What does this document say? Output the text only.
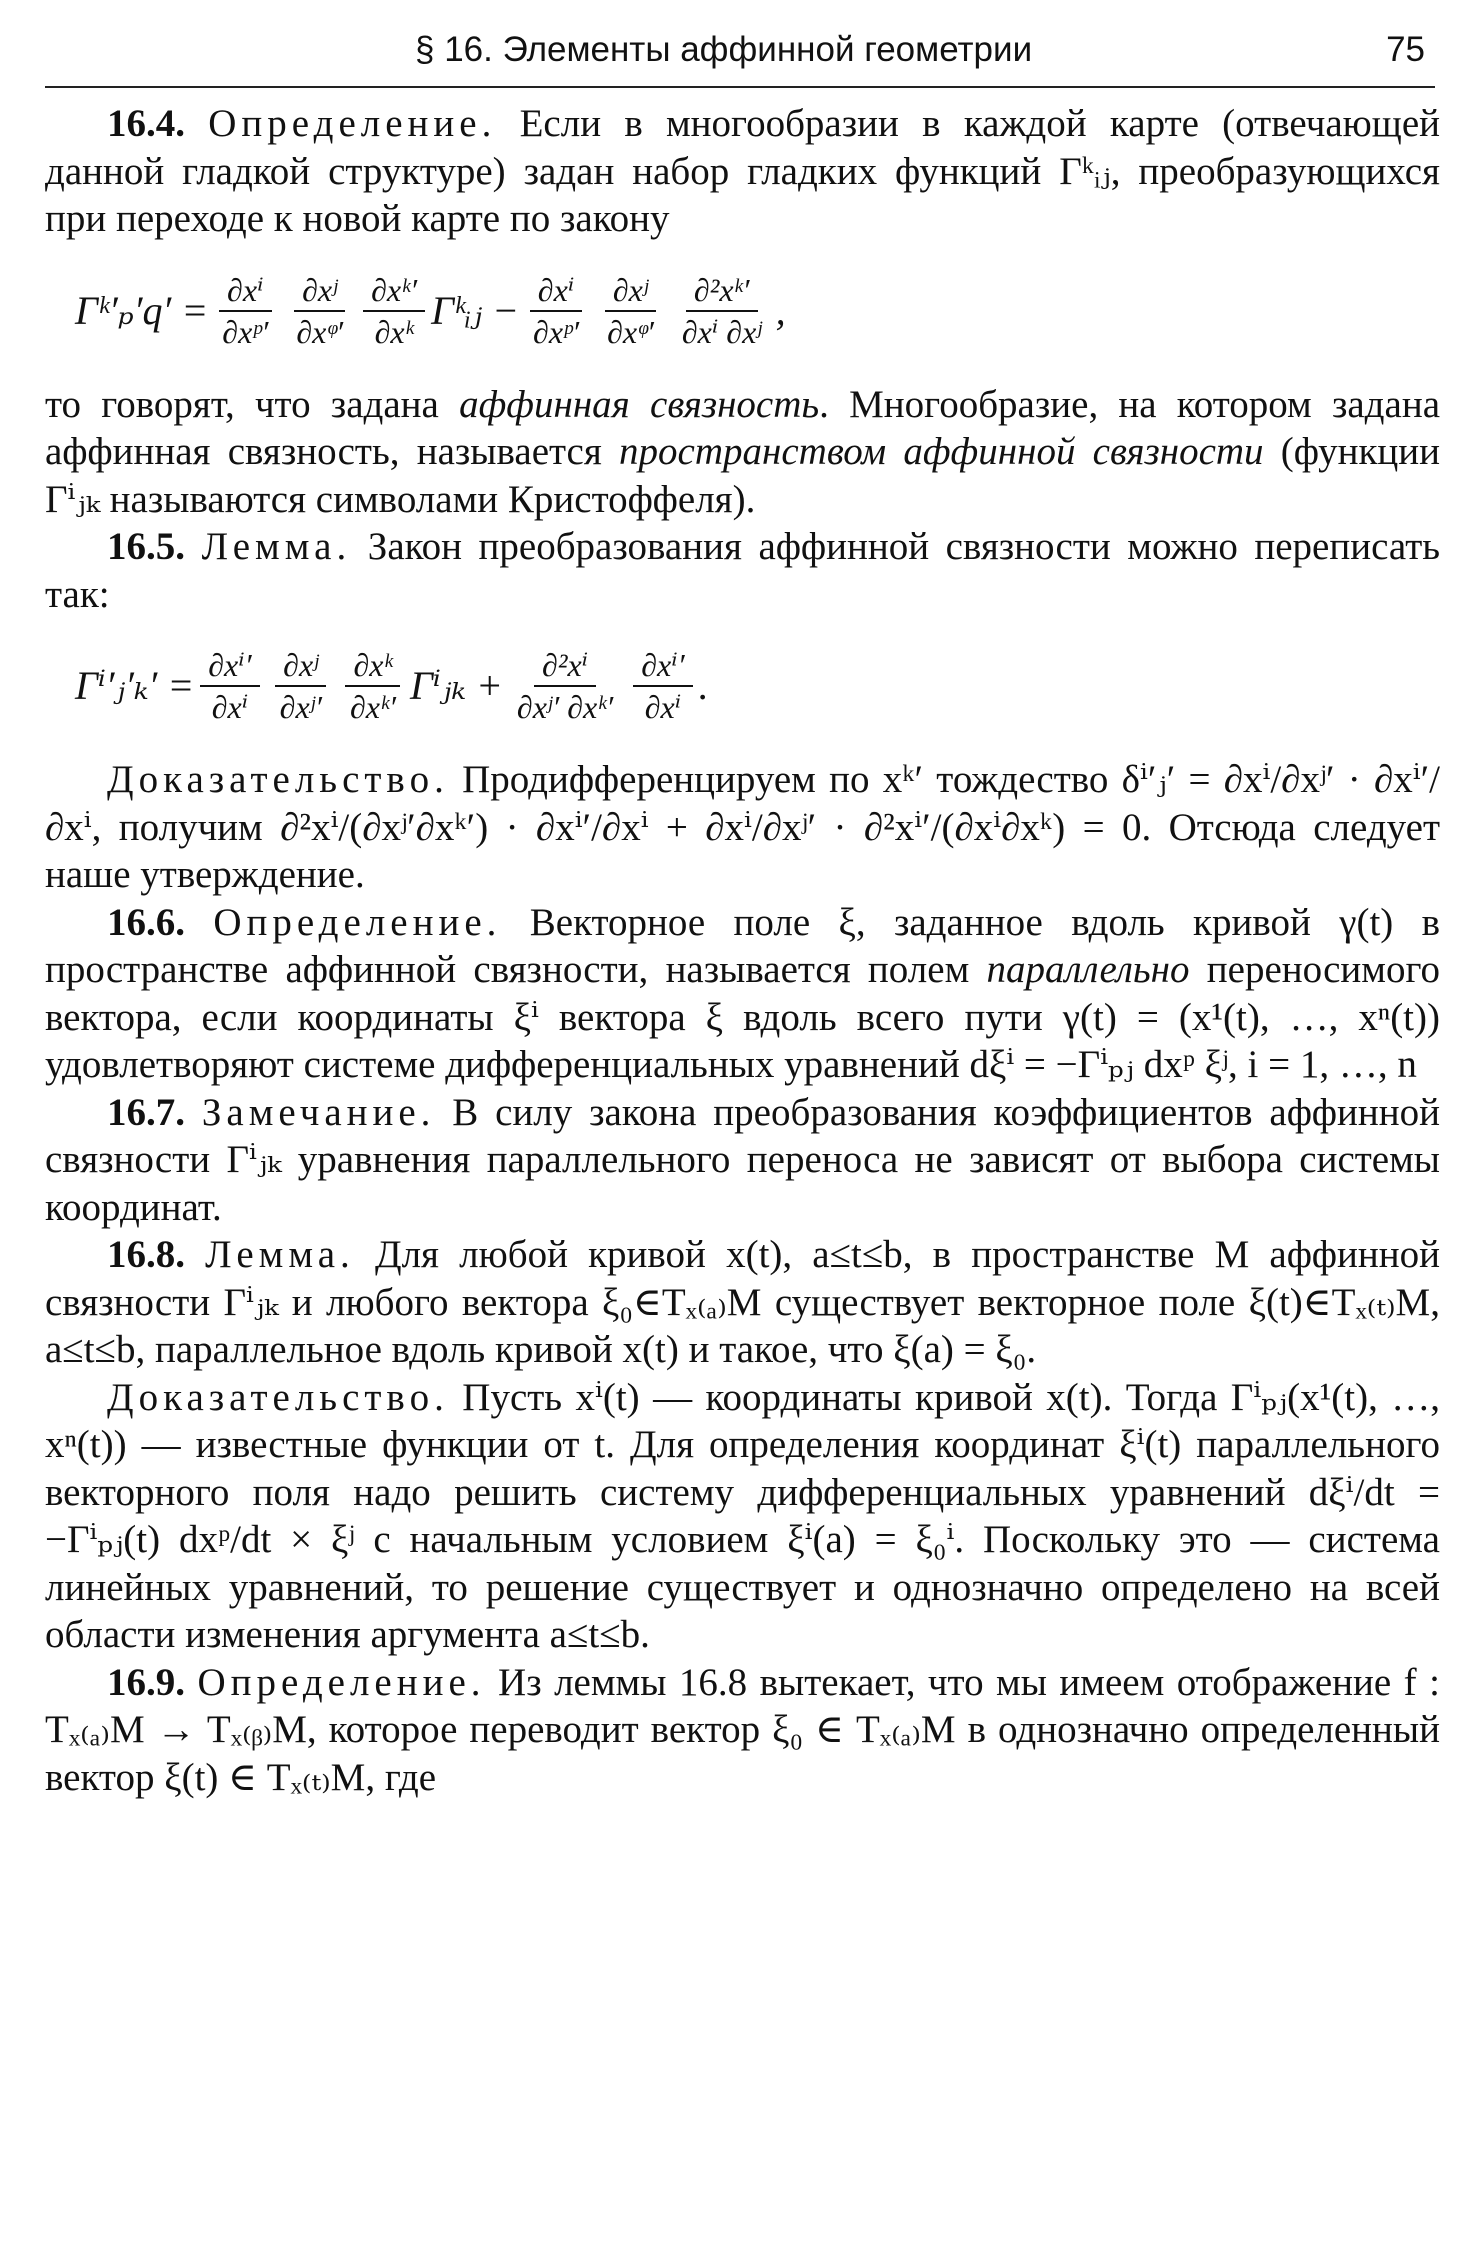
§ 16. Элементы аффинной геометрии	75

16.4. Определение. Если в многообразии в каждой карте (отвечающей данной гладкой структуре) задан набор гладких функций Γᵏᵢⱼ, преобразующихся при переходе к новой карте по закону

Γᵏ′ₚ′q′ = $\frac{\text{∂xⁱ}}{\text{∂xᵖ′}} \frac{\text{∂xʲ}}{\text{∂xᵠ′}} \frac{\text{∂xᵏ′}}{\text{∂xᵏ}}$ Γᵏᵢⱼ − $\frac{\text{∂xⁱ}}{\text{∂xᵖ′}} \frac{\text{∂xʲ}}{\text{∂xᵠ′}} \frac{\text{∂²xᵏ′}}{\text{∂xⁱ ∂xʲ}}$ ,

то говорят, что задана аффинная связность. Многообразие, на котором задана аффинная связность, называется пространством аффинной связности (функции Γⁱⱼₖ называются символами Кристоффеля).

16.5. Лемма. Закон преобразования аффинной связности можно переписать так:

Γⁱ′ⱼ′ₖ′ = $\frac{\text{∂xⁱ′}}{\text{∂xⁱ}} \frac{\text{∂xʲ}}{\text{∂xʲ′}} \frac{\text{∂xᵏ}}{\text{∂xᵏ′}}$ Γⁱⱼₖ + $\frac{\text{∂²xⁱ}}{\text{∂xʲ′ ∂xᵏ′}} \frac{\text{∂xⁱ′}}{\text{∂xⁱ}}$ .

Доказательство. Продифференцируем по xᵏ′ тождество δⁱ′ⱼ′ = ∂xⁱ/∂xʲ′ · ∂xⁱ′/∂xⁱ, получим ∂²xⁱ/(∂xʲ′∂xᵏ′) · ∂xⁱ′/∂xⁱ + ∂xⁱ/∂xʲ′ · ∂²xⁱ′/(∂xⁱ∂xᵏ) = 0. Отсюда следует наше утверждение.

16.6. Определение. Векторное поле ξ, заданное вдоль кривой γ(t) в пространстве аффинной связности, называется полем параллельно переносимого вектора, если координаты ξⁱ вектора ξ вдоль всего пути γ(t) = (x¹(t), …, xⁿ(t)) удовлетворяют системе дифференциальных уравнений dξⁱ = −Γⁱₚⱼ dxᵖ ξʲ, i = 1, …, n

16.7. Замечание. В силу закона преобразования коэффициентов аффинной связности Γⁱⱼₖ уравнения параллельного переноса не зависят от выбора системы координат.

16.8. Лемма. Для любой кривой x(t), a≤t≤b, в пространстве M аффинной связности Γⁱⱼₖ и любого вектора ξ₀∈Tₓ₍ₐ₎M существует векторное поле ξ(t)∈Tₓ₍ₜ₎M, a≤t≤b, параллельное вдоль кривой x(t) и такое, что ξ(a) = ξ₀.

Доказательство. Пусть xⁱ(t) — координаты кривой x(t). Тогда Γⁱₚⱼ(x¹(t), …, xⁿ(t)) — известные функции от t. Для определения координат ξⁱ(t) параллельного векторного поля надо решить систему дифференциальных уравнений dξⁱ/dt = −Γⁱₚⱼ(t) dxᵖ/dt × ξʲ с начальным условием ξⁱ(a) = ξ₀ⁱ. Поскольку это — система линейных уравнений, то решение существует и однозначно определено на всей области изменения аргумента a≤t≤b.

16.9. Определение. Из леммы 16.8 вытекает, что мы имеем отображение f : Tₓ₍ₐ₎M → Tₓ₍ᵦ₎M, которое переводит вектор ξ₀ ∈ Tₓ₍ₐ₎M в однозначно определенный вектор ξ(t) ∈ Tₓ₍ₜ₎M, где
